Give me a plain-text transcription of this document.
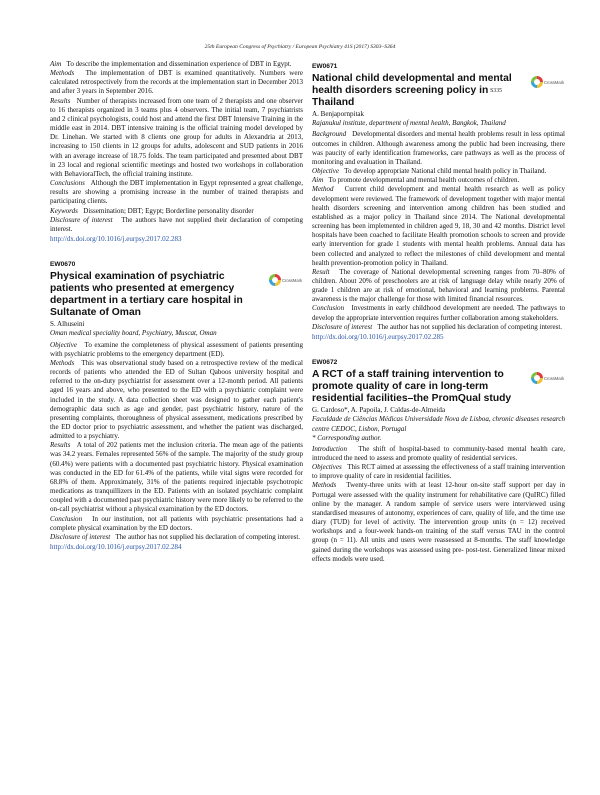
25th European Congress of Psychiatry / European Psychiatry 41S (2017) S303–S364
S335

Aim To describe the implementation and dissemination experience of DBT in Egypt.

Methods The implementation of DBT is examined quantitatively. Numbers were calculated retrospectively from the records at the implementation start in December 2013 and after 3 years in September 2016.

Results Number of therapists increased from one team of 2 therapists and one observer to 16 therapists organized in 3 teams plus 4 observers. The initial team, 7 psychiatrists and 2 clinical psychologists, could host and attend the first DBT Intensive Training in the middle east in 2014. DBT intensive training is the official training model developed by Dr. Linehan. We started with 8 clients one group for adults in Alexandria at 2013, increasing to 150 clients in 12 groups for adults, adolescent and SUD patients in 2016 with an average increase of 18.75 folds. The team participated and presented about DBT in 23 local and regional scientific meetings and hosted two workshops in collaboration with BehavioralTech, the official training institute.

Conclusions Although the DBT implementation in Egypt represented a great challenge, results are showing a promising increase in the number of trained therapists and participating clients.

Keywords Dissemination; DBT; Egypt; Borderline personality disorder

Disclosure of interest The authors have not supplied their declaration of competing interest.

http://dx.doi.org/10.1016/j.eurpsy.2017.02.283

EW0670
Physical examination of psychiatric patients who presented at emergency department in a tertiary care hospital in Sultanate of Oman
CrossMark

S. Alhuseini

Oman medical speciality board, Psychiatry, Muscat, Oman

Objective To examine the completeness of physical assessment of patients presenting with psychiatric problems to the emergency department (ED).

Methods This was observational study based on a retrospective review of the medical records of patients who attended the ED of Sultan Qaboos university hospital and referred to the on-duty psychiatrist for assessment over a 12-month period. All patients aged 16 years and above, who presented to the ED with a psychiatric complaint were included in the study. A data collection sheet was designed to gather each patient's demographic data such as age and gender, past psychiatric history, nature of the presenting complaints, thoroughness of physical assessment, medications prescribed by the ED doctor prior to psychiatric assessment, and whether the patient was discharged, admitted to a psychiatry.

Results A total of 202 patients met the inclusion criteria. The mean age of the patients was 34.2 years. Females represented 56% of the sample. The majority of the study group (60.4%) were patients with a documented past psychiatric history. Physical examination was conducted in the ED for 61.4% of the patients, while vital signs were recorded for 68.8% of them. Approximately, 31% of the patients required injectable psychotropic medications as tranquillizers in the ED. Patients with an isolated psychiatric complaint coupled with a documented past psychiatric history were more likely to be referred to the on-call psychiatrist without a physical examination by the ED doctors.

Conclusion In our institution, not all patients with psychiatric presentations had a complete physical examination by the ED doctors.

Disclosure of interest The author has not supplied his declaration of competing interest.

http://dx.doi.org/10.1016/j.eurpsy.2017.02.284

EW0671
National child developmental and mental health disorders screening policy in Thailand
CrossMark

A. Benjapornpitak

Rajanukul institute, department of mental health, Bangkok, Thailand

Background Developmental disorders and mental health problems result in less optimal outcomes in children. Although awareness among the public had been increasing, there was paucity of early identification frameworks, care pathways as well as the process of monitoring and evaluation in Thailand.

Objective To develop appropriate National child mental health policy in Thailand.

Aim To promote developmental and mental health outcomes of children.

Method Current child development and mental health research as well as policy development were reviewed. The framework of development together with major mental health disorders screening and intervention among children has been studied and established as a major policy in Thailand since 2014. The National developmental screening has been implemented in children aged 9, 18, 30 and 42 months. District level hospitals have been coached to facilitate Health promotion schools to screen and provide early intervention for grade 1 students with mental health problems. Annual data has been collected and analyzed to reflect the milestones of child development and mental health prevention-promotion policy in Thailand.

Result The coverage of National developmental screening ranges from 70–80% of children. About 20% of preschoolers are at risk of language delay while nearly 20% of grade 1 children are at risk of emotional, behavioral and learning problems. Parental awareness is the major challenge for those with limited financial resources.

Conclusion Investments in early childhood development are needed. The pathways to develop the appropriate intervention requires further collaboration among stakeholders.

Disclosure of interest The author has not supplied his declaration of competing interest.

http://dx.doi.org/10.1016/j.eurpsy.2017.02.285

EW0672
A RCT of a staff training intervention to promote quality of care in long-term residential facilities–the PromQual study
CrossMark

G. Cardoso*, A. Papoila, J. Caldas-de-Almeida

Faculdade de Ciências Médicas Universidade Nova de Lisboa, chronic diseases research centre CEDOC, Lisbon, Portugal

* Corresponding author.

Introduction The shift of hospital-based to community-based mental health care, introduced the need to assess and promote quality of residential services.

Objectives This RCT aimed at assessing the effectiveness of a staff training intervention to improve quality of care in residential facilities.

Methods Twenty-three units with at least 12-hour on-site staff support per day in Portugal were assessed with the quality instrument for rehabilitative care (QuIRC) filled online by the manager. A random sample of service users were interviewed using standardised measures of autonomy, experiences of care, quality of life, and the time use diary (TUD) for level of activity. The intervention group units (n = 12) received workshops and a four-week hands-on training of the staff versus TAU in the control group (n = 11). All units and users were reassessed at 8-months. The staff knowledge gained during the workshops was assessed using pre- post-test. Generalized linear mixed effects models were used.
